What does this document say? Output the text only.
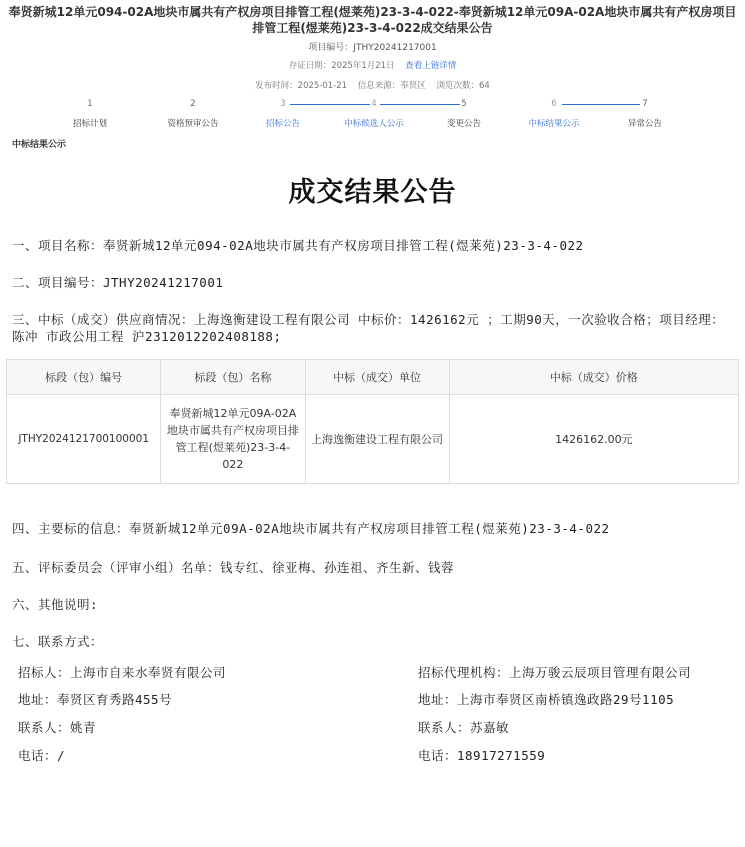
奉贤新城12单元094-02A地块市属共有产权房项目排管工程(煜莱苑)23-3-4-022-奉贤新城12单元09A-02A地块市属共有产权房项目排管工程(煜莱苑)23-3-4-022成交结果公告
项目编号：JTHY20241217001
存证日期：2025年1月21日 查看上链详情
发布时间：2025-01-21 信息来源：奉贤区 浏览次数：64
1
招标计划
2
资格预审公告
3
招标公告
4
中标候选人公示
5
变更公告
6
中标结果公示
7
异常公告
中标结果公示
成交结果公告
一、项目名称：奉贤新城12单元094-02A地块市属共有产权房项目排管工程(煜莱苑)23-3-4-022
二、项目编号：JTHY20241217001
三、中标（成交）供应商情况：上海逸衡建设工程有限公司 中标价：1426162元 ；工期90天，一次验收合格；项目经理：陈冲 市政公用工程 沪2312012202408188;
标段（包）编号	标段（包）名称	中标（成交）单位	中标（成交）价格
JTHY2024121700100001	奉贤新城12单元09A-02A地块市属共有产权房项目排管工程(煜莱苑)23-3-4-022	上海逸衡建设工程有限公司	1426162.00元
四、主要标的信息：奉贤新城12单元09A-02A地块市属共有产权房项目排管工程(煜莱苑)23-3-4-022
五、评标委员会（评审小组）名单：钱专红、徐亚梅、孙连祖、齐生新、钱蓉
六、其他说明:
七、联系方式：
招标人：上海市自来水奉贤有限公司
地址：奉贤区育秀路455号
联系人：姚青
电话：/
招标代理机构：上海万骏云辰项目管理有限公司
地址：上海市奉贤区南桥镇逸政路29号1105
联系人：苏嘉敏
电话：18917271559
